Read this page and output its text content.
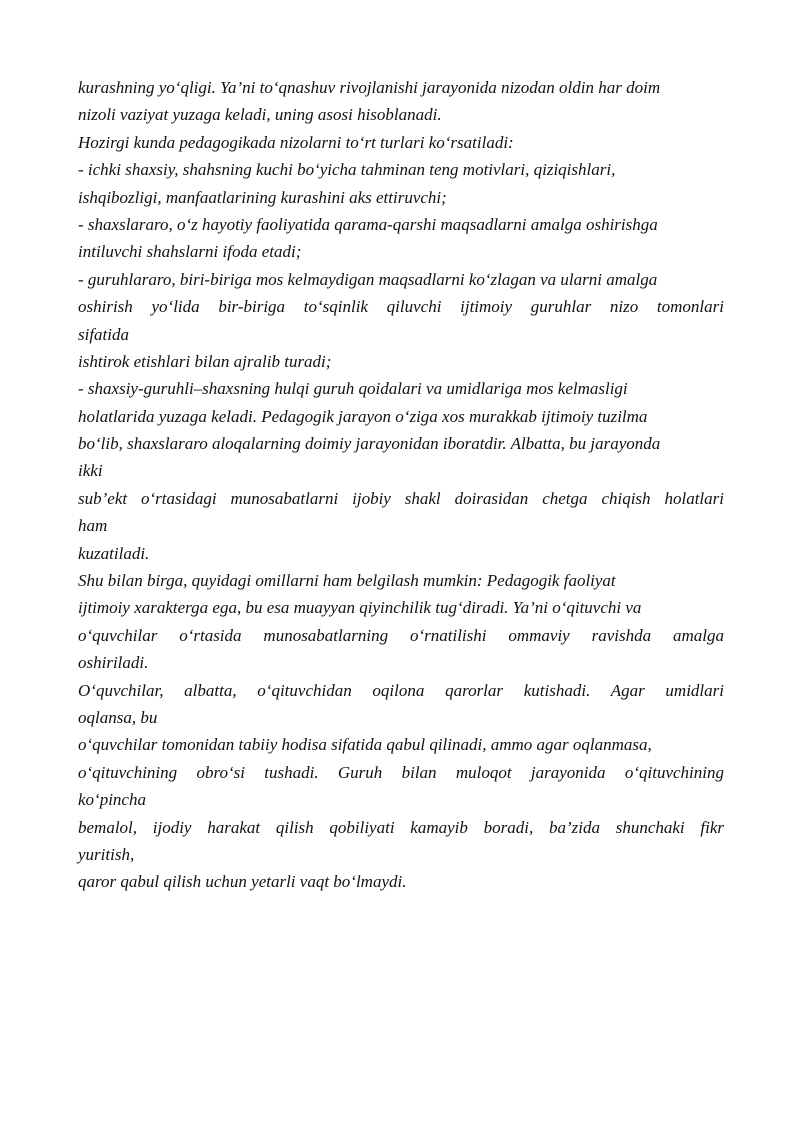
kurashning yo‘qligi. Ya’ni to‘qnashuv rivojlanishi jarayonida nizodan oldin har doim
nizoli vaziyat yuzaga keladi, uning asosi hisoblanadi.
Hozirgi kunda pedagogikada nizolarni to‘rt turlari ko‘rsatiladi:
- ichki shaxsiy, shahsning kuchi bo‘yicha tahminan teng motivlari, qiziqishlari,
ishqibozligi, manfaatlarining kurashini aks ettiruvchi;
- shaxslararo, o‘z hayotiy faoliyatida qarama-qarshi maqsadlarni amalga oshirishga
intiluvchi shahslarni ifoda etadi;
- guruhlararo, biri-biriga mos kelmaydigan maqsadlarni ko‘zlagan va ularni amalga
oshirish yo‘lida bir-biriga to‘sqinlik qiluvchi ijtimoiy guruhlar nizo tomonlari
sifatida
ishtirok etishlari bilan ajralib turadi;
- shaxsiy-guruhli–shaxsning hulqi guruh qoidalari va umidlariga mos kelmasligi
holatlarida yuzaga keladi. Pedagogik jarayon o‘ziga xos murakkab ijtimoiy tuzilma
bo‘lib, shaxslararo aloqalarning doimiy jarayonidan iboratdir. Albatta, bu jarayonda
ikki
sub’ekt o‘rtasidagi munosabatlarni ijobiy shakl doirasidan chetga chiqish holatlari
ham
kuzatiladi.
Shu bilan birga, quyidagi omillarni ham belgilash mumkin: Pedagogik faoliyat
ijtimoiy xarakterga ega, bu esa muayyan qiyinchilik tug‘diradi. Ya’ni o‘qituvchi va
o‘quvchilar o‘rtasida munosabatlarning o‘rnatilishi ommaviy ravishda amalga
oshiriladi.
O‘quvchilar, albatta, o‘qituvchidan oqilona qarorlar kutishadi. Agar umidlari
oqlansa, bu
o‘quvchilar tomonidan tabiiy hodisa sifatida qabul qilinadi, ammo agar oqlanmasa,
o‘qituvchining obro‘si tushadi. Guruh bilan muloqot jarayonida o‘qituvchining
ko‘pincha
bemalol, ijodiy harakat qilish qobiliyati kamayib boradi, ba’zida shunchaki fikr
yuritish,
qaror qabul qilish uchun yetarli vaqt bo‘lmaydi.
